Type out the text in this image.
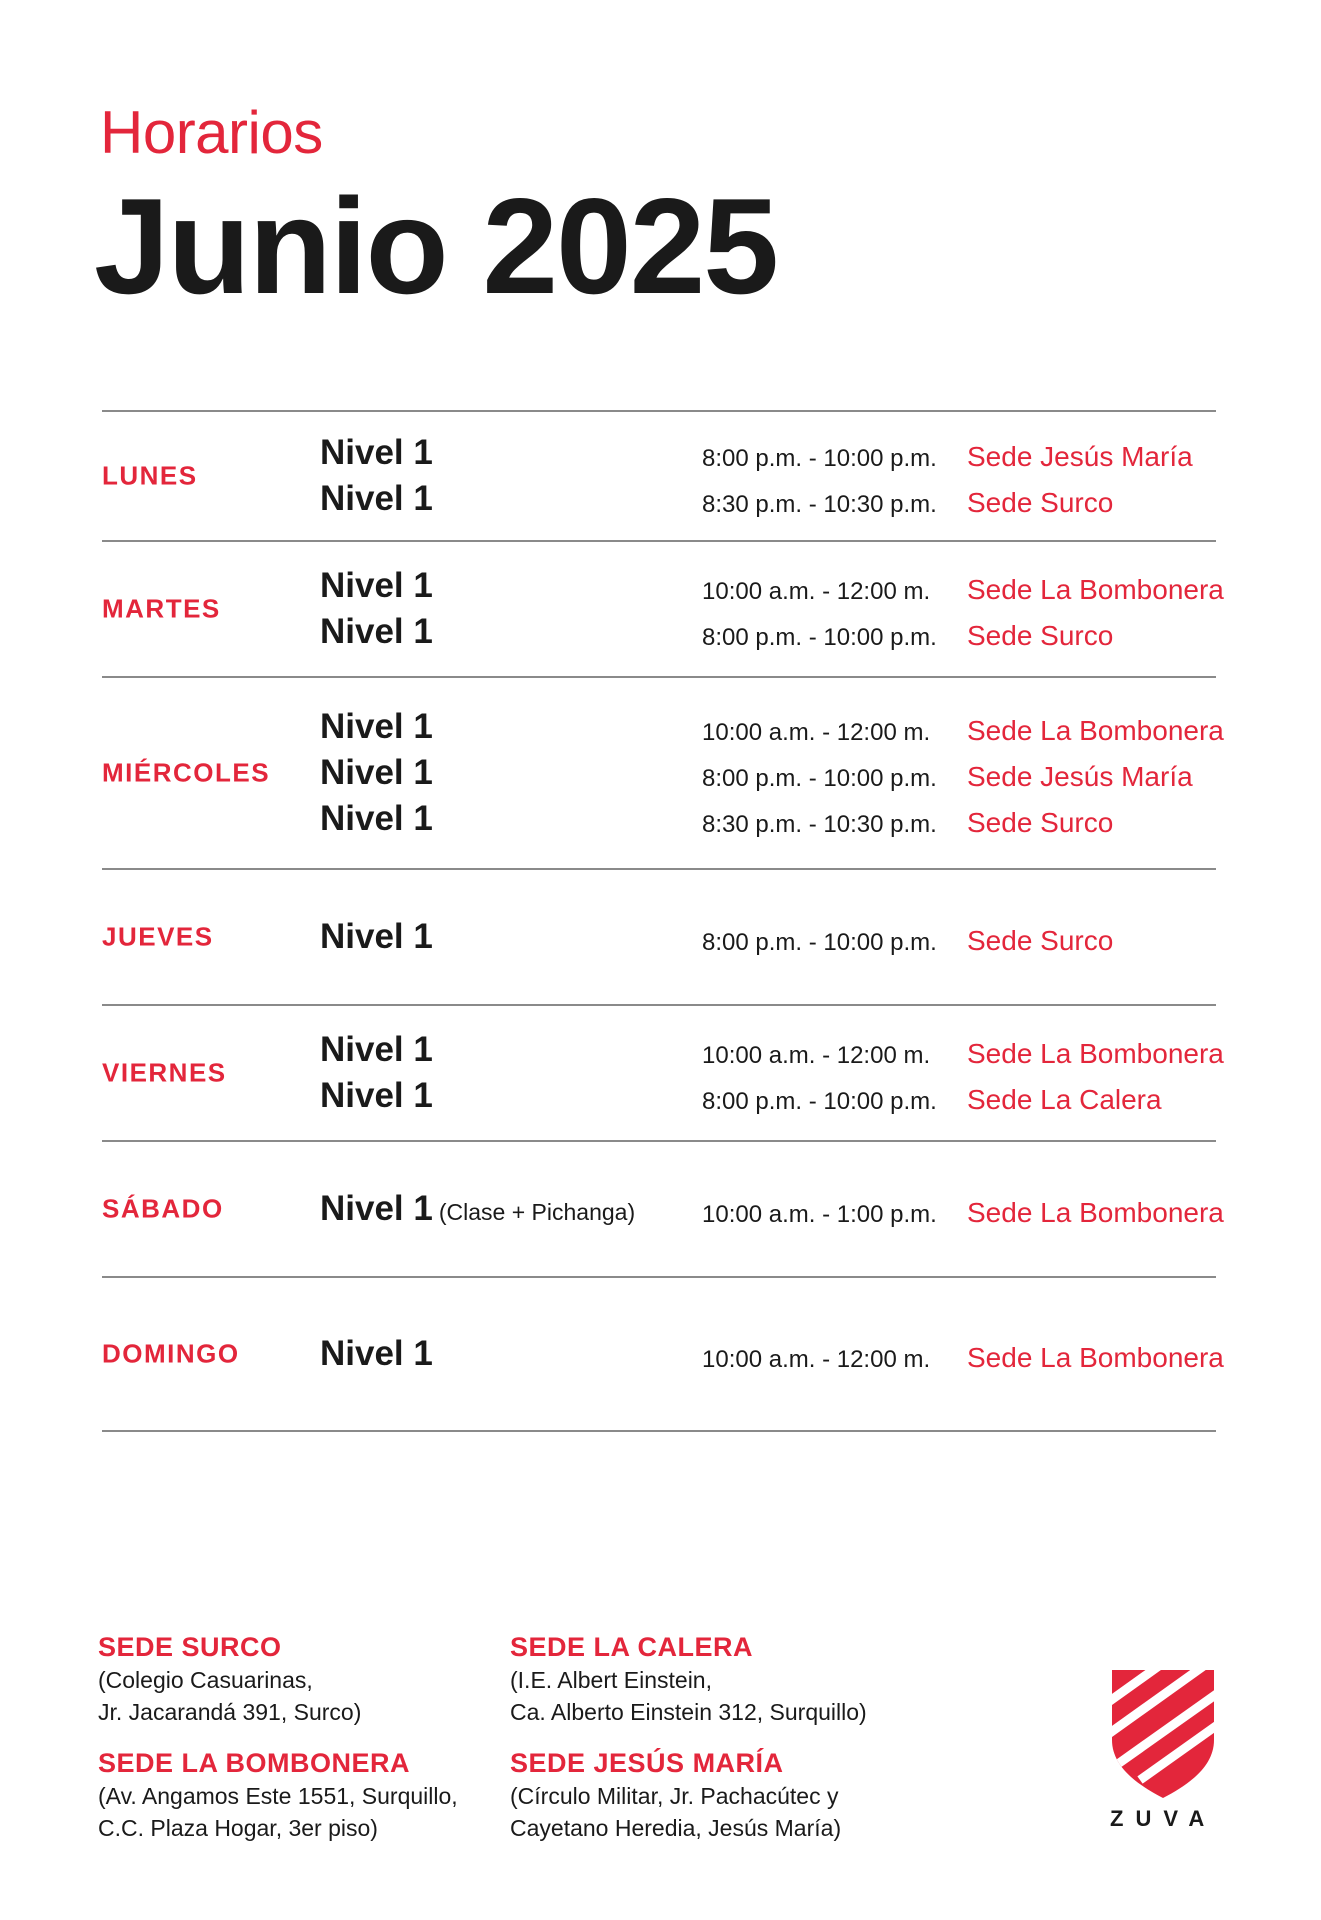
Horarios
Junio 2025
LUNES
Nivel 1	8:00 p.m. - 10:00 p.m. Sede Jesús María
Nivel 1	8:30 p.m. - 10:30 p.m. Sede Surco
MARTES
Nivel 1	10:00 a.m. - 12:00 m. Sede La Bombonera
Nivel 1	8:00 p.m. - 10:00 p.m. Sede Surco
MIÉRCOLES
Nivel 1	10:00 a.m. - 12:00 m. Sede La Bombonera
Nivel 1	8:00 p.m. - 10:00 p.m. Sede Jesús María
Nivel 1	8:30 p.m. - 10:30 p.m. Sede Surco
JUEVES	Nivel 1	8:00 p.m. - 10:00 p.m. Sede Surco
VIERNES
Nivel 1	10:00 a.m. - 12:00 m. Sede La Bombonera
Nivel 1	8:00 p.m. - 10:00 p.m. Sede La Calera
SÁBADO	Nivel 1 (Clase + Pichanga)	10:00 a.m. - 1:00 p.m. Sede La Bombonera
DOMINGO Nivel 1	10:00 a.m. - 12:00 m. Sede La Bombonera
SEDE SURCO
(Colegio Casuarinas,
Jr. Jacarandá 391, Surco)
SEDE LA CALERA
(I.E. Albert Einstein,
Ca. Alberto Einstein 312, Surquillo)
SEDE LA BOMBONERA
(Av. Angamos Este 1551, Surquillo,
C.C. Plaza Hogar, 3er piso)
SEDE JESÚS MARÍA
(Círculo Militar, Jr. Pachacútec y
Cayetano Heredia, Jesús María)	ZUVA
